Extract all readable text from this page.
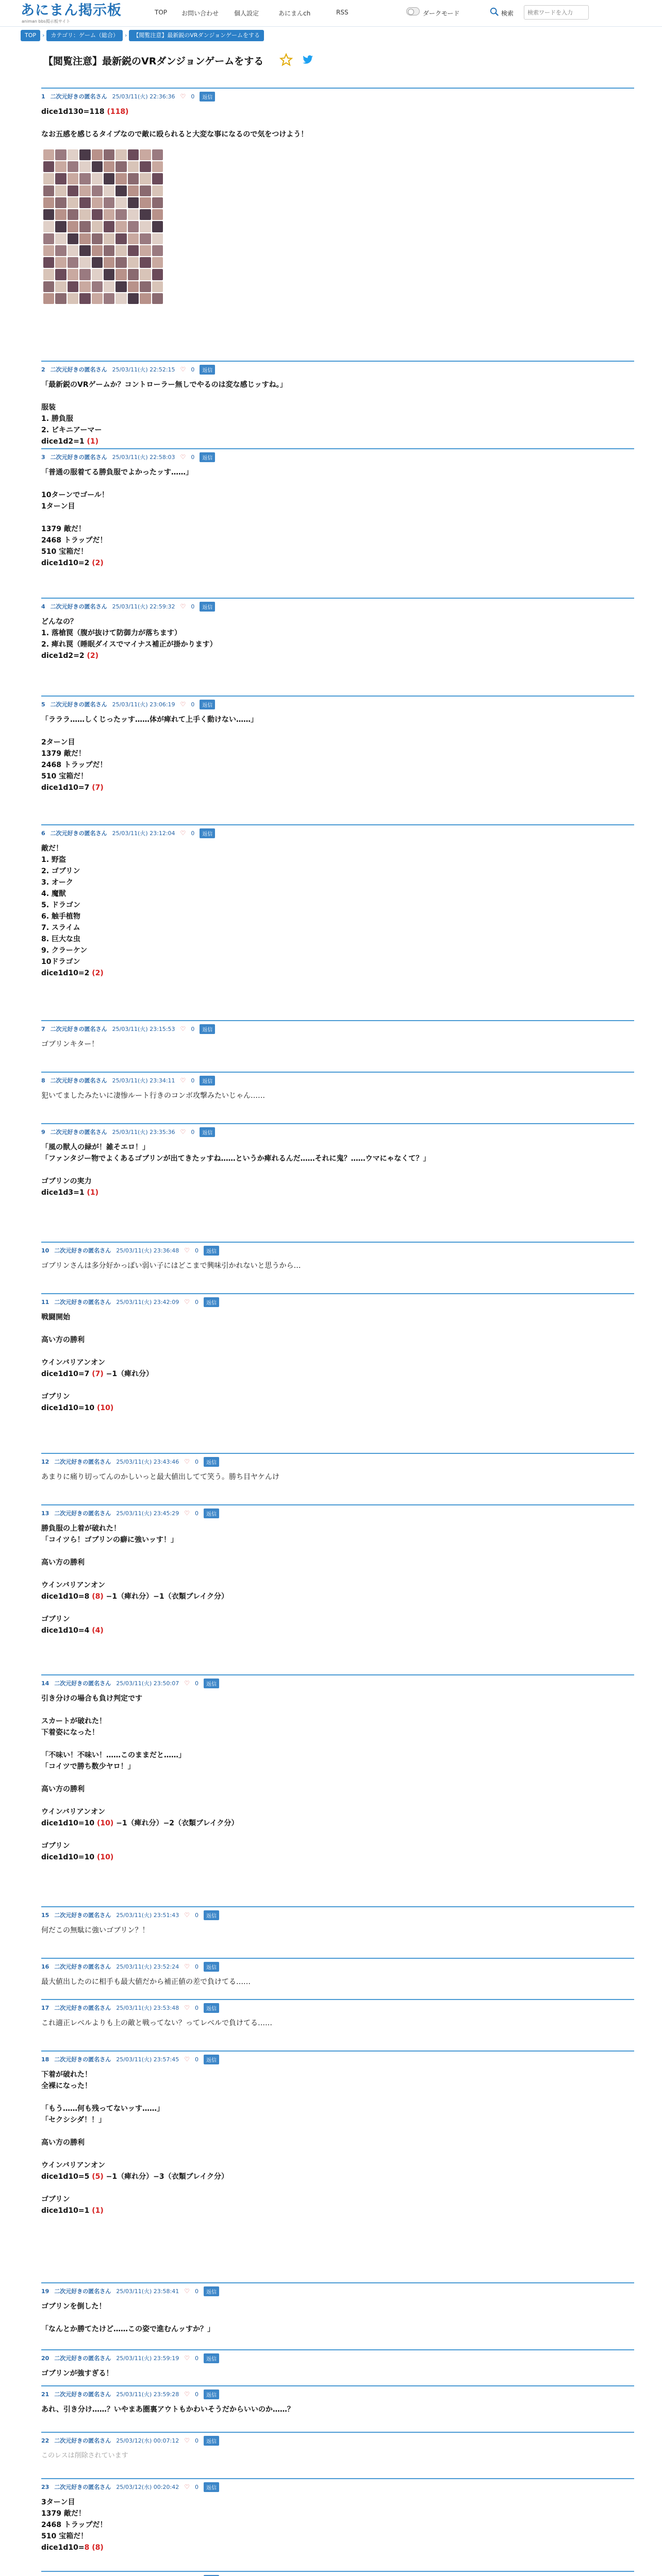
あにまん掲示板
animan bbs掲示板サイト
TOP お問い合わせ 個人設定	あにまんch	RSS	ダークモード	検索
検索ワードを入力
TOP › カテゴリ：ゲーム（総合） › 【閲覧注意】最新鋭のVRダンジョンゲームをする
【閲覧注意】最新鋭のVRダンジョンゲームをする
1 二次元好きの匿名さん 25/03/11(火) 22:36:36 ♡ 0	返信
dice1d130=118 (118)

なお五感を感じるタイプなので敵に殴られると大変な事になるので気をつけよう！
2 二次元好きの匿名さん 25/03/11(火) 22:52:15 ♡ 0	返信
「最新鋭のVRゲームか？コントローラー無しでやるのは変な感じッすね。」

服装
1. 勝負服
2. ビキニアーマー
dice1d2=1 (1)
3 二次元好きの匿名さん 25/03/11(火) 22:58:03 ♡ 0	返信
「普通の服着てる勝負服でよかったッす……」

10ターンでゴール！
1ターン目

1379 敵だ！
2468 トラップだ！
510 宝箱だ！
dice1d10=2 (2)
4 二次元好きの匿名さん 25/03/11(火) 22:59:32 ♡ 0	返信
どんなの？
1. 落槍罠（腹が抜けて防御力が落ちます）
2. 痺れ罠（睡眠ダイスでマイナス補正が掛かります）
dice1d2=2 (2)
5 二次元好きの匿名さん 25/03/11(火) 23:06:19 ♡ 0	返信
「ラララ……しくじったッす……体が痺れて上手く動けない……」

2ターン目
1379 敵だ！
2468 トラップだ！
510 宝箱だ！
dice1d10=7 (7)
6 二次元好きの匿名さん 25/03/11(火) 23:12:04 ♡ 0	返信
敵だ！
1. 野盗
2. ゴブリン
3. オーク
4. 魔獣
5. ドラゴン
6. 触手植物
7. スライム
8. 巨大な虫
9. クラーケン
10ドラゴン
dice1d10=2 (2)
7 二次元好きの匿名さん 25/03/11(火) 23:15:53 ♡ 0	返信
ゴブリンキター！
8 二次元好きの匿名さん 25/03/11(火) 23:34:11 ♡ 0	返信
犯いてましたみたいに凄惨ルート行きのコンボ攻撃みたいじゃん……
9 二次元好きの匿名さん 25/03/11(火) 23:35:36 ♡ 0	返信
「風の獣人の緑が！雑そエロ！」
「ファンタジー物でよくあるゴブリンが出てきたッすね……というか痺れるんだ……それに鬼？……ウマにゃなくて？」

ゴブリンの実力
dice1d3=1 (1)
10 二次元好きの匿名さん 25/03/11(火) 23:36:48 ♡ 0	返信
ゴブリンさんは多分好かっぽい弱い子にはどこまで興味引かれないと思うから…
11 二次元好きの匿名さん 25/03/11(火) 23:42:09 ♡ 0	返信
戦闘開始

高い方の勝利

ウインバリアンオン
dice1d10=7 (7) −1（痺れ分）

ゴブリン
dice1d10=10 (10)
12 二次元好きの匿名さん 25/03/11(火) 23:43:46 ♡ 0	返信
あまりに痛り切ってんのかしいっと最大値出してて笑う。勝ち目ヤケんけ
13 二次元好きの匿名さん 25/03/11(火) 23:45:29 ♡ 0	返信
勝負服の上着が破れた！
「コイツら！ゴブリンの癖に強いッす！」

高い方の勝利

ウインバリアンオン
dice1d10=8 (8) −1（痺れ分）−1（衣類ブレイク分）

ゴブリン
dice1d10=4 (4)
14 二次元好きの匿名さん 25/03/11(火) 23:50:07 ♡ 0	返信
引き分けの場合も負け判定です

スカートが破れた！
下着姿になった！

「不味い！不味い！……このままだと……」
「コイツで勝ち数少ヤロ！」

高い方の勝利

ウインバリアンオン
dice1d10=10 (10) −1（痺れ分）−2（衣類ブレイク分）

ゴブリン
dice1d10=10 (10)
15 二次元好きの匿名さん 25/03/11(火) 23:51:43 ♡ 0	返信
何だこの無駄に強いゴブリン？！
16 二次元好きの匿名さん 25/03/11(火) 23:52:24 ♡ 0	返信
最大値出したのに相手も最大値だから補正値の差で負けてる……
17 二次元好きの匿名さん 25/03/11(火) 23:53:48 ♡ 0	返信
これ適正レベルよりも上の敵と戦ってない？ってレベルで負けてる……
18 二次元好きの匿名さん 25/03/11(火) 23:57:45 ♡ 0	返信
下着が破れた！
全裸になった！

「もう……何も残ってないッす……」
「セクシシダ！！」

高い方の勝利

ウインバリアンオン
dice1d10=5 (5) −1（痺れ分）−3（衣類ブレイク分）

ゴブリン
dice1d10=1 (1)
19 二次元好きの匿名さん 25/03/11(火) 23:58:41 ♡ 0	返信
ゴブリンを倒した！

「なんとか勝てたけど……この姿で進むんッすか？」
20 二次元好きの匿名さん 25/03/11(火) 23:59:19 ♡ 0	返信
ゴブリンが強すぎる！
21 二次元好きの匿名さん 25/03/11(火) 23:59:28 ♡ 0	返信
あれ、引き分け……？いやまあ圏裏アウトもかわいそうだからいいのか……？
22 二次元好きの匿名さん 25/03/12(水) 00:07:12 ♡ 0	返信
このレスは削除されています
23 二次元好きの匿名さん 25/03/12(水) 00:20:42 ♡ 0	返信
3ターン目
1379 敵だ！
2468 トラップだ！
510 宝箱だ！
dice1d10=8 (8)
